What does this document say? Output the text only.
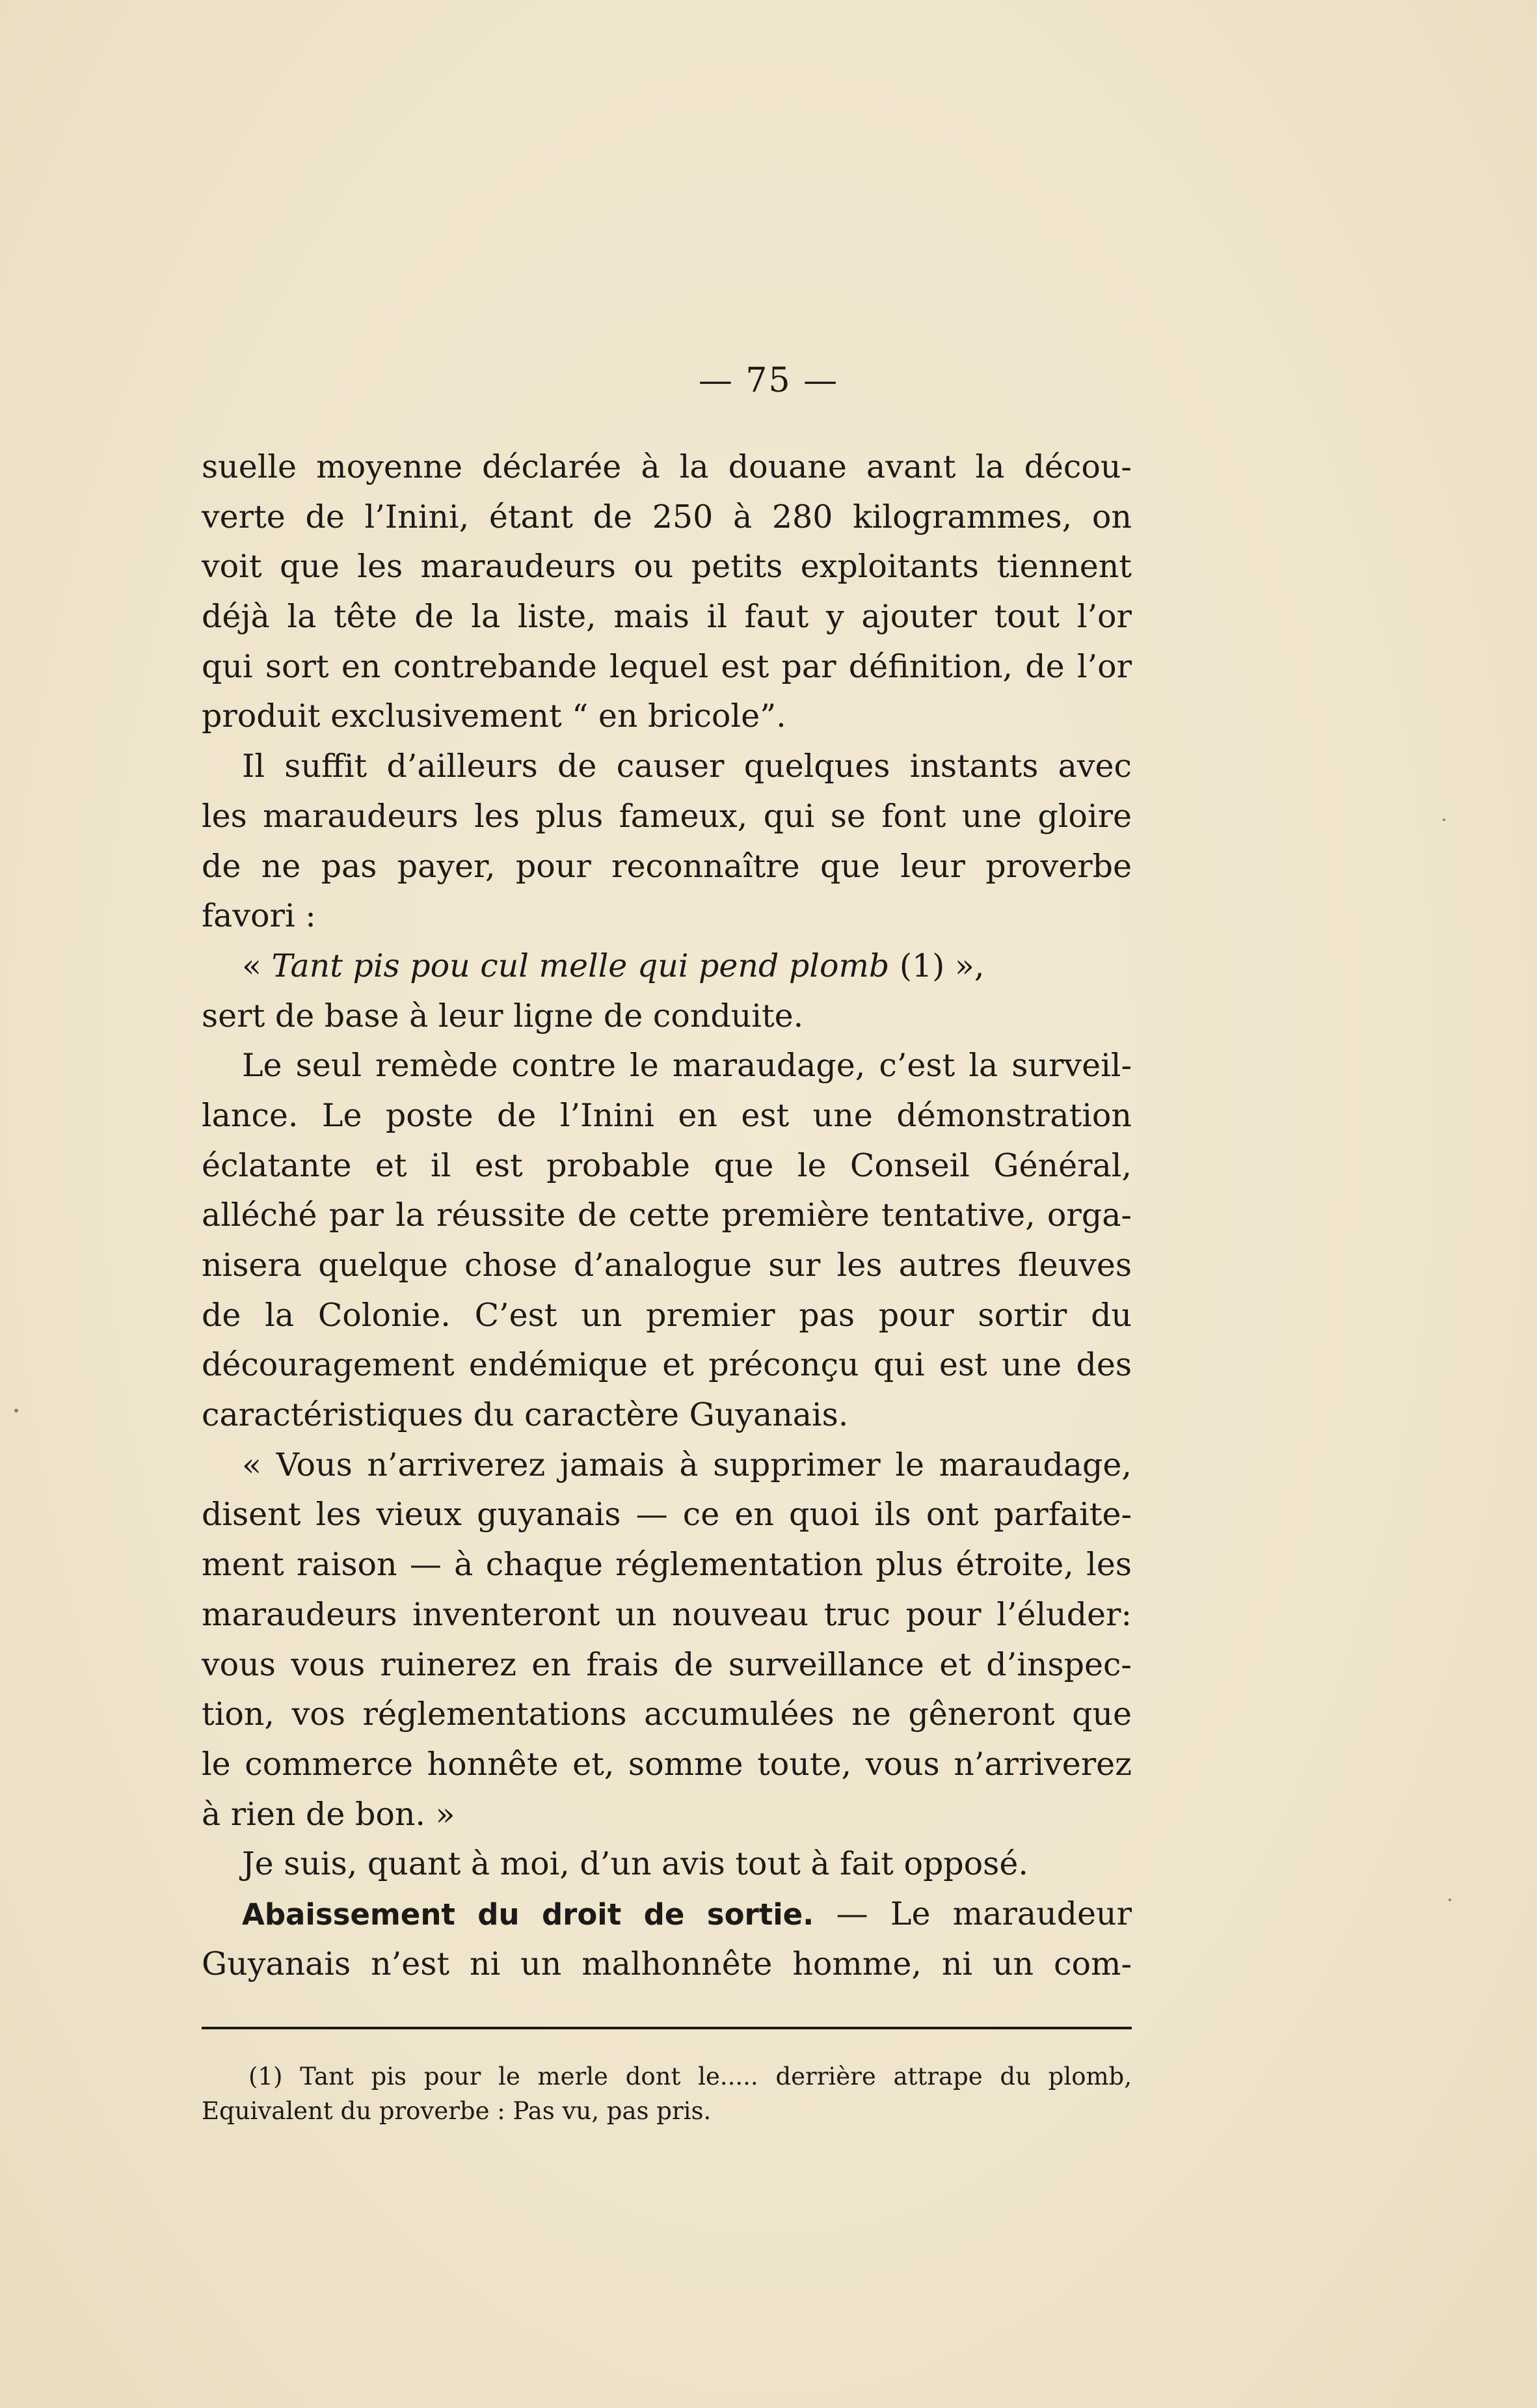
— 75 —
suelle moyenne déclarée à la douane avant la décou-
verte de l’Inini, étant de 250 à 280 kilogrammes, on
voit que les maraudeurs ou petits exploitants tiennent
déjà la tête de la liste, mais il faut y ajouter tout l’or
qui sort en contrebande lequel est par définition, de l’or
produit exclusivement “ en bricole”.
Il suffit d’ailleurs de causer quelques instants avec
les maraudeurs les plus fameux, qui se font une gloire
de ne pas payer, pour reconnaître que leur proverbe
favori :
« Tant pis pou cul melle qui pend plomb (1) »,
sert de base à leur ligne de conduite.
Le seul remède contre le maraudage, c’est la surveil-
lance. Le poste de l’Inini en est une démonstration
éclatante et il est probable que le Conseil Général,
alléché par la réussite de cette première tentative, orga-
nisera quelque chose d’analogue sur les autres fleuves
de la Colonie. C’est un premier pas pour sortir du
découragement endémique et préconçu qui est une des
caractéristiques du caractère Guyanais.
« Vous n’arriverez jamais à supprimer le maraudage,
disent les vieux guyanais — ce en quoi ils ont parfaite-
ment raison — à chaque réglementation plus étroite, les
maraudeurs inventeront un nouveau truc pour l’éluder:
vous vous ruinerez en frais de surveillance et d’inspec-
tion, vos réglementations accumulées ne gêneront que
le commerce honnête et, somme toute, vous n’arriverez
à rien de bon. »
Je suis, quant à moi, d’un avis tout à fait opposé.
Abaissement du droit de sortie. — Le maraudeur
Guyanais n’est ni un malhonnête homme, ni un com-
(1) Tant pis pour le merle dont le..... derrière attrape du plomb,
Equivalent du proverbe : Pas vu, pas pris.
